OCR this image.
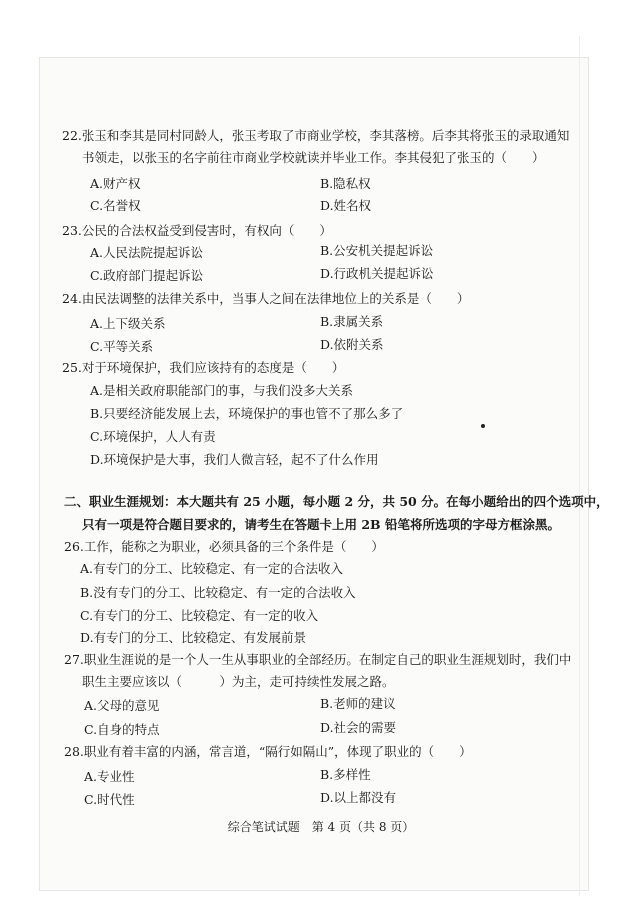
22.张玉和李其是同村同龄人，张玉考取了市商业学校，李其落榜。后李其将张玉的录取通知
书领走，以张玉的名字前往市商业学校就读并毕业工作。李其侵犯了张玉的（　　）
A.财产权	B.隐私权
C.名誉权	D.姓名权
23.公民的合法权益受到侵害时，有权向（　　）
A.人民法院提起诉讼	B.公安机关提起诉讼
C.政府部门提起诉讼	D.行政机关提起诉讼
24.由民法调整的法律关系中，当事人之间在法律地位上的关系是（　　）
A.上下级关系	B.隶属关系
C.平等关系	D.依附关系
25.对于环境保护，我们应该持有的态度是（　　）
A.是相关政府职能部门的事，与我们没多大关系
B.只要经济能发展上去，环境保护的事也管不了那么多了
C.环境保护，人人有责
D.环境保护是大事，我们人微言轻，起不了什么作用
二、职业生涯规划：本大题共有 25 小题，每小题 2 分，共 50 分。在每小题给出的四个选项中，
只有一项是符合题目要求的，请考生在答题卡上用 2B 铅笔将所选项的字母方框涂黑。
26.工作，能称之为职业，必须具备的三个条件是（　　）
A.有专门的分工、比较稳定、有一定的合法收入
B.没有专门的分工、比较稳定、有一定的合法收入
C.有专门的分工、比较稳定、有一定的收入
D.有专门的分工、比较稳定、有发展前景
27.职业生涯说的是一个人一生从事职业的全部经历。在制定自己的职业生涯规划时，我们中
职生主要应该以（　　　）为主，走可持续性发展之路。
A.父母的意见	B.老师的建议
C.自身的特点	D.社会的需要
28.职业有着丰富的内涵，常言道，“隔行如隔山”，体现了职业的（　　）
A.专业性	B.多样性
C.时代性	D.以上都没有
综合笔试试题　第 4 页（共 8 页）
